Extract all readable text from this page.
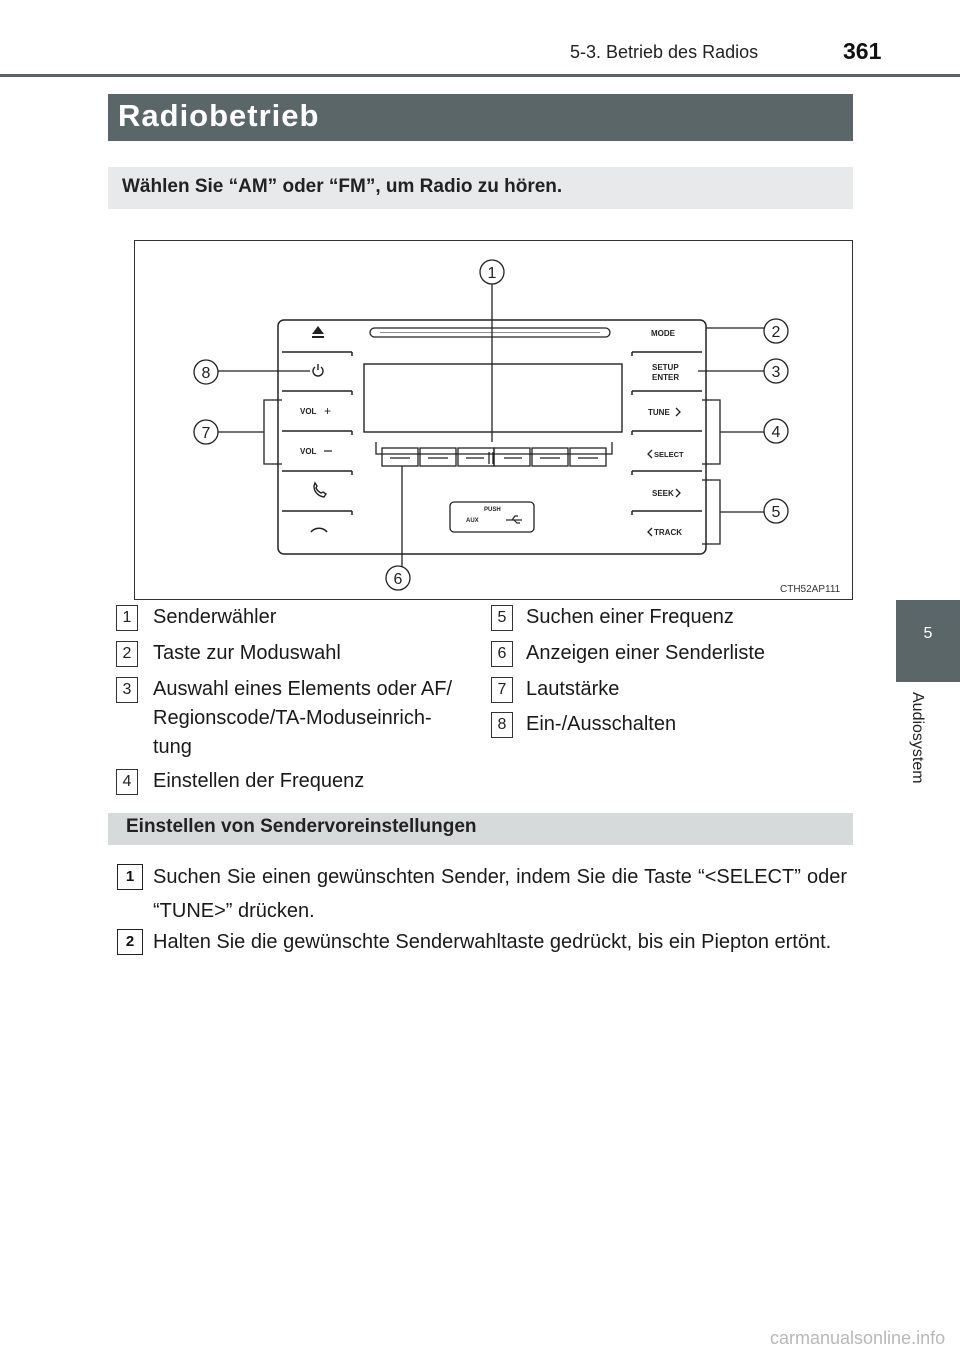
5-3. Betrieb des Radios	361
5
Audiosystem
Radiobetrieb
Wählen Sie “AM” oder “FM”, um Radio zu hören.
VOL +
VOL
PUSH
AUX
MODE
SETUP
ENTER
TUNE
SELECT
SEEK
TRACK
1
2
3
4
5
6
7
8
CTH52AP111
1	Senderwähler
2	Taste zur Moduswahl
3	Auswahl eines Elements oder AF/ Regionscode/TA-Moduseinrich- tung
4	Einstellen der Frequenz
5 Suchen einer Frequenz
6 Anzeigen einer Senderliste
7 Lautstärke
8 Ein-/Ausschalten
Einstellen von Sendervoreinstellungen
1 Suchen Sie einen gewünschten Sender, indem Sie die Taste “<SELECT” oder “TUNE>” drücken.
2 Halten Sie die gewünschte Senderwahltaste gedrückt, bis ein Piepton ertönt.
carmanualsonline.info
